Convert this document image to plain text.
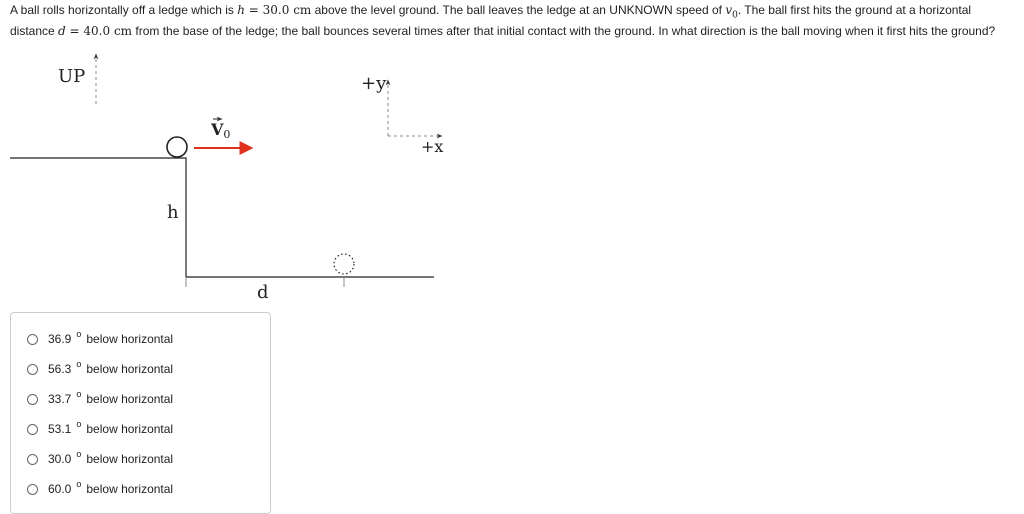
A ball rolls horizontally off a ledge which is h = 30.0 cm above the level ground. The ball leaves the ledge at an UNKNOWN speed of $v_0$. The ball first hits the ground at a horizontal distance d = 40.0 cm from the base of the ledge; the ball bounces several times after that initial contact with the ground. In what direction is the ball moving when it first hits the ground?

UP
V0
h
d
+y
+x
36.9 o below horizontal
56.3 o below horizontal
33.7 o below horizontal
53.1 o below horizontal
30.0 o below horizontal
60.0 o below horizontal
